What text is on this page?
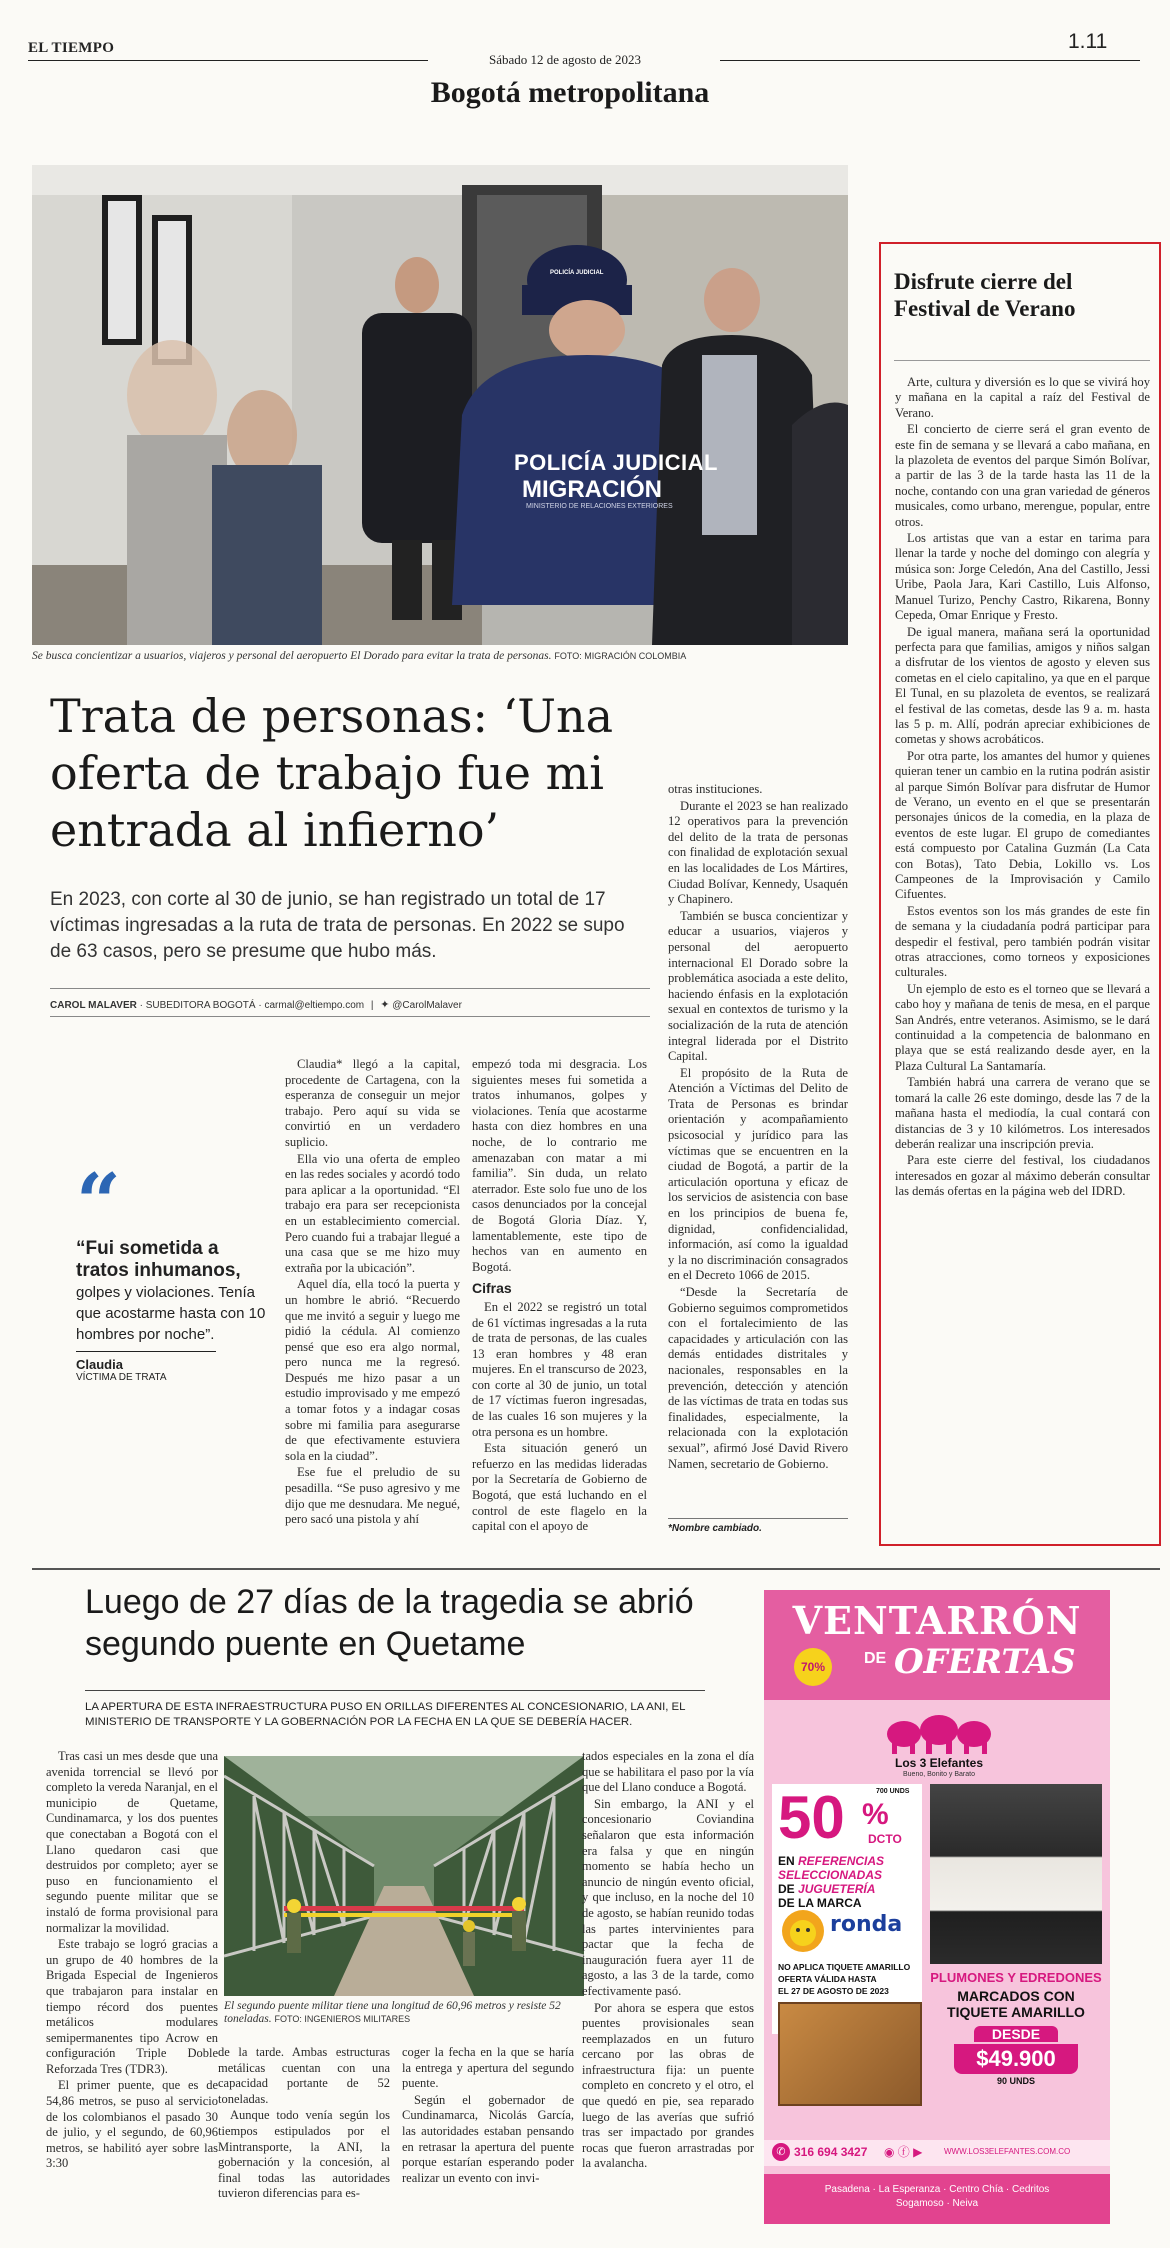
EL TIEMPO
Sábado 12 de agosto de 2023
1.11
Bogotá metropolitana
POLICÍA JUDICIAL
MIGRACIÓN
MINISTERIO DE RELACIONES EXTERIORES
POLICÍA JUDICIAL
Se busca concientizar a usuarios, viajeros y personal del aeropuerto El Dorado para evitar la trata de personas. FOTO: MIGRACIÓN COLOMBIA
Trata de personas: ‘Una oferta de trabajo fue mi entrada al infierno’
En 2023, con corte al 30 de junio, se han registrado un total de 17 víctimas ingresadas a la ruta de trata de personas. En 2022 se supo de 63 casos, pero se presume que hubo más.
CAROL MALAVER · SUBEDITORA BOGOTÁ · carmal@eltiempo.com | ✦ @CarolMalaver
“
“Fui sometida a tratos inhumanos,
golpes y violaciones. Tenía que acostarme hasta con 10 hombres por noche”.
Claudia
VÍCTIMA DE TRATA

Claudia* llegó a la capital, procedente de Cartagena, con la esperanza de conseguir un mejor trabajo. Pero aquí su vida se convirtió en un verdadero suplicio.

Ella vio una oferta de empleo en las redes sociales y acordó todo para aplicar a la oportunidad. “El trabajo era para ser recepcionista en un establecimiento comercial. Pero cuando fui a trabajar llegué a una casa que se me hizo muy extraña por la ubicación”.

Aquel día, ella tocó la puerta y un hombre le abrió. “Recuerdo que me invitó a seguir y luego me pidió la cédula. Al comienzo pensé que eso era algo normal, pero nunca me la regresó. Después me hizo pasar a un estudio improvisado y me empezó a tomar fotos y a indagar cosas sobre mi familia para asegurarse de que efectivamente estuviera sola en la ciudad”.

Ese fue el preludio de su pesadilla. “Se puso agresivo y me dijo que me desnudara. Me negué, pero sacó una pistola y ahí

empezó toda mi desgracia. Los siguientes meses fui sometida a tratos inhumanos, golpes y violaciones. Tenía que acostarme hasta con diez hombres en una noche, de lo contrario me amenazaban con matar a mi familia”. Sin duda, un relato aterrador. Este solo fue uno de los casos denunciados por la concejal de Bogotá Gloria Díaz. Y, lamentablemente, este tipo de hechos van en aumento en Bogotá.

Cifras

En el 2022 se registró un total de 61 víctimas ingresadas a la ruta de trata de personas, de las cuales 13 eran hombres y 48 eran mujeres. En el transcurso de 2023, con corte al 30 de junio, un total de 17 víctimas fueron ingresadas, de las cuales 16 son mujeres y la otra persona es un hombre.

Esta situación generó un refuerzo en las medidas lideradas por la Secretaría de Gobierno de Bogotá, que está luchando en el control de este flagelo en la capital con el apoyo de

otras instituciones.

Durante el 2023 se han realizado 12 operativos para la prevención del delito de la trata de personas con finalidad de explotación sexual en las localidades de Los Mártires, Ciudad Bolívar, Kennedy, Usaquén y Chapinero.

También se busca concientizar y educar a usuarios, viajeros y personal del aeropuerto internacional El Dorado sobre la problemática asociada a este delito, haciendo énfasis en la explotación sexual en contextos de turismo y la socialización de la ruta de atención integral liderada por el Distrito Capital.

El propósito de la Ruta de Atención a Víctimas del Delito de Trata de Personas es brindar orientación y acompañamiento psicosocial y jurídico para las víctimas que se encuentren en la ciudad de Bogotá, a partir de la articulación oportuna y eficaz de los servicios de asistencia con base en los principios de buena fe, dignidad, confidencialidad, información, así como la igualdad y la no discriminación consagrados en el Decreto 1066 de 2015.

“Desde la Secretaría de Gobierno seguimos comprometidos con el fortalecimiento de las capacidades y articulación con las demás entidades distritales y nacionales, responsables en la prevención, detección y atención de las víctimas de trata en todas sus finalidades, especialmente, la relacionada con la explotación sexual”, afirmó José David Rivero Namen, secretario de Gobierno.

*Nombre cambiado.
Disfrute cierre del Festival de Verano

Arte, cultura y diversión es lo que se vivirá hoy y mañana en la capital a raíz del Festival de Verano.

El concierto de cierre será el gran evento de este fin de semana y se llevará a cabo mañana, en la plazoleta de eventos del parque Simón Bolívar, a partir de las 3 de la tarde hasta las 11 de la noche, contando con una gran variedad de géneros musicales, como urbano, merengue, popular, entre otros.

Los artistas que van a estar en tarima para llenar la tarde y noche del domingo con alegría y música son: Jorge Celedón, Ana del Castillo, Jessi Uribe, Paola Jara, Kari Castillo, Luis Alfonso, Manuel Turizo, Penchy Castro, Rikarena, Bonny Cepeda, Omar Enrique y Fresto.

De igual manera, mañana será la oportunidad perfecta para que familias, amigos y niños salgan a disfrutar de los vientos de agosto y eleven sus cometas en el cielo capitalino, ya que en el parque El Tunal, en su plazoleta de eventos, se realizará el festival de las cometas, desde las 9 a. m. hasta las 5 p. m. Allí, podrán apreciar exhibiciones de cometas y shows acrobáticos.

Por otra parte, los amantes del humor y quienes quieran tener un cambio en la rutina podrán asistir al parque Simón Bolívar para disfrutar de Humor de Verano, un evento en el que se presentarán personajes únicos de la comedia, en la plaza de eventos de este lugar. El grupo de comediantes está compuesto por Catalina Guzmán (La Cata con Botas), Tato Debia, Lokillo vs. Los Campeones de la Improvisación y Camilo Cifuentes.

Estos eventos son los más grandes de este fin de semana y la ciudadanía podrá participar para despedir el festival, pero también podrán visitar otras atracciones, como torneos y exposiciones culturales.

Un ejemplo de esto es el torneo que se llevará a cabo hoy y mañana de tenis de mesa, en el parque San Andrés, entre veteranos. Asimismo, se le dará continuidad a la competencia de balonmano en playa que se está realizando desde ayer, en la Plaza Cultural La Santamaría.

También habrá una carrera de verano que se tomará la calle 26 este domingo, desde las 7 de la mañana hasta el mediodía, la cual contará con distancias de 3 y 10 kilómetros. Los interesados deberán realizar una inscripción previa.

Para este cierre del festival, los ciudadanos interesados en gozar al máximo deberán consultar las demás ofertas en la página web del IDRD.

Luego de 27 días de la tragedia se abrió segundo puente en Quetame
LA APERTURA DE ESTA INFRAESTRUCTURA PUSO EN ORILLAS DIFERENTES AL CONCESIONARIO, LA ANI, EL MINISTERIO DE TRANSPORTE Y LA GOBERNACIÓN POR LA FECHA EN LA QUE SE DEBERÍA HACER.

Tras casi un mes desde que una avenida torrencial se llevó por completo la vereda Naranjal, en el municipio de Quetame, Cundinamarca, y los dos puentes que conectaban a Bogotá con el Llano quedaron casi que destruidos por completo; ayer se puso en funcionamiento el segundo puente militar que se instaló de forma provisional para normalizar la movilidad.

Este trabajo se logró gracias a un grupo de 40 hombres de la Brigada Especial de Ingenieros que trabajaron para instalar en tiempo récord dos puentes metálicos modulares semipermanentes tipo Acrow en configuración Triple Doble Reforzada Tres (TDR3).

El primer puente, que es de 54,86 metros, se puso al servicio de los colombianos el pasado 30 de julio, y el segundo, de 60,96 metros, se habilitó ayer sobre las 3:30

El segundo puente militar tiene una longitud de 60,96 metros y resiste 52 toneladas. FOTO: INGENIEROS MILITARES

de la tarde. Ambas estructuras metálicas cuentan con una capacidad portante de 52 toneladas.

Aunque todo venía según los tiempos estipulados por el Mintransporte, la ANI, la gobernación y la concesión, al final todas las autoridades tuvieron diferencias para es-

coger la fecha en la que se haría la entrega y apertura del segundo puente.

Según el gobernador de Cundinamarca, Nicolás García, las autoridades estaban pensando en retrasar la apertura del puente porque estarían esperando poder realizar un evento con invi-

tados especiales en la zona el día que se habilitara el paso por la vía que del Llano conduce a Bogotá.

Sin embargo, la ANI y el concesionario Coviandina señalaron que esta información era falsa y que en ningún momento se había hecho un anuncio de ningún evento oficial, y que incluso, en la noche del 10 de agosto, se habían reunido todas las partes intervinientes para pactar que la fecha de inauguración fuera ayer 11 de agosto, a las 3 de la tarde, como efectivamente pasó.

Por ahora se espera que estos puentes provisionales sean reemplazados en un futuro cercano por las obras de infraestructura fija: un puente completo en concreto y el otro, el que quedó en pie, sea reparado luego de las averías que sufrió tras ser impactado por grandes rocas que fueron arrastradas por la avalancha.

VENTARRÓN
DE OFERTAS
70%
Los 3 Elefantes
Bueno, Bonito y Barato
700 UNDS
50 %
DCTO
EN REFERENCIAS SELECCIONADAS
DE JUGUETERÍA
DE LA MARCA
ronda
NO APLICA TIQUETE AMARILLO
OFERTA VÁLIDA HASTA
EL 27 DE AGOSTO DE 2023
PLUMONES Y EDREDONES
MARCADOS CON TIQUETE AMARILLO
DESDE
$49.900
90 UNDS
✆ 316 694 3427 ◉ ⓕ ▶	WWW.LOS3ELEFANTES.COM.CO
Pasadena · La Esperanza · Centro Chía · Cedritos
Sogamoso · Neiva
